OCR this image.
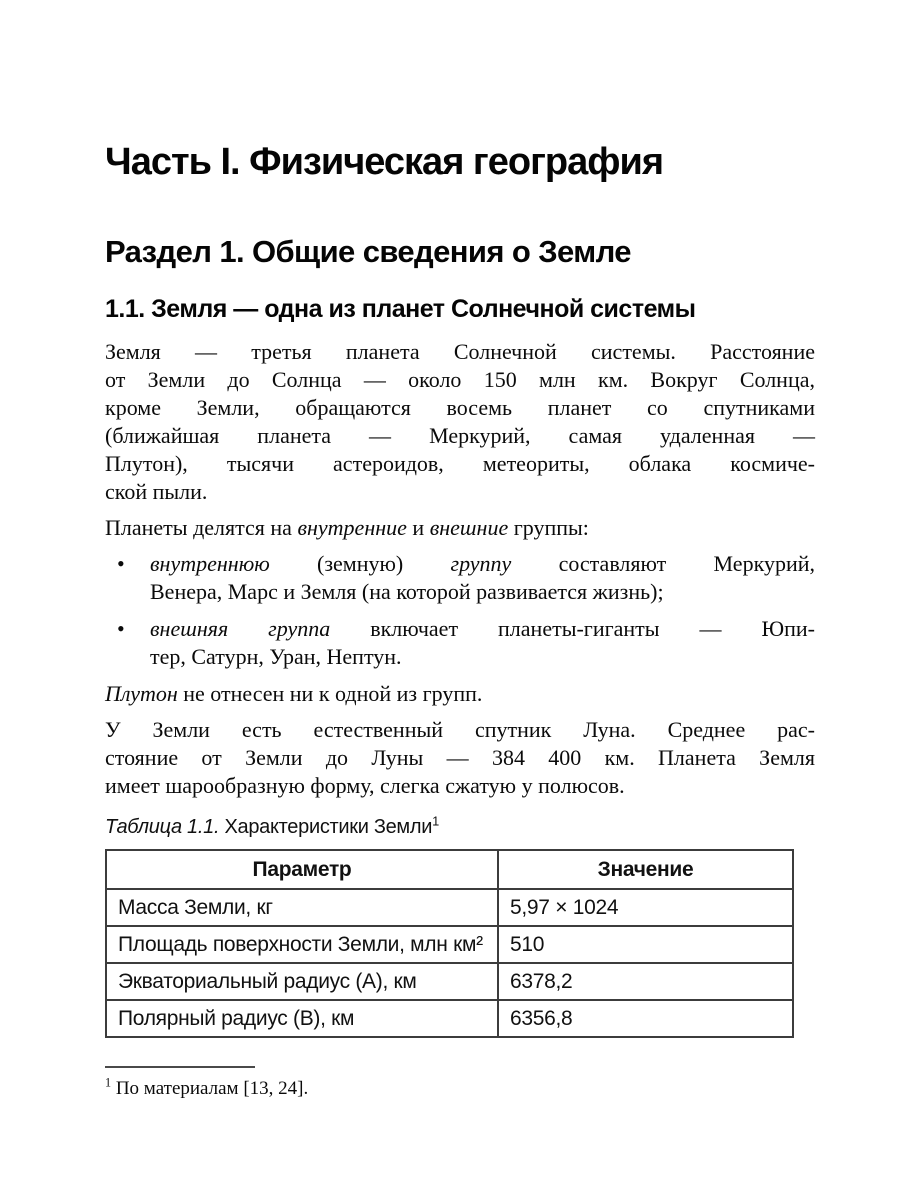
Часть I. Физическая география
Раздел 1. Общие сведения о Земле
1.1. Земля — одна из планет Солнечной системы
Земля — третья планета Солнечной системы. Расстояние
от Земли до Солнца — около 150 млн км. Вокруг Солнца,
кроме Земли, обращаются восемь планет со спутниками
(ближайшая планета — Меркурий, самая удаленная —
Плутон), тысячи астероидов, метеориты, облака космиче-
ской пыли.
Планеты делятся на внутренние и внешние группы:
•	внутреннюю (земную) группу составляют Меркурий,
Венера, Марс и Земля (на которой развивается жизнь);
•	внешняя группа включает планеты-гиганты — Юпи-
тер, Сатурн, Уран, Нептун.
Плутон не отнесен ни к одной из групп.
У Земли есть естественный спутник Луна. Среднее рас-
стояние от Земли до Луны — 384 400 км. Планета Земля
имеет шарообразную форму, слегка сжатую у полюсов.
Таблица 1.1. Характеристики Земли$^1$
Параметр	Значение
Масса Земли, кг	5,97 × 1024
Площадь поверхности Земли, млн км²	510
Экваториальный радиус (А), км	6378,2
Полярный радиус (В), км	6356,8
$^1$ По материалам [13, 24].
